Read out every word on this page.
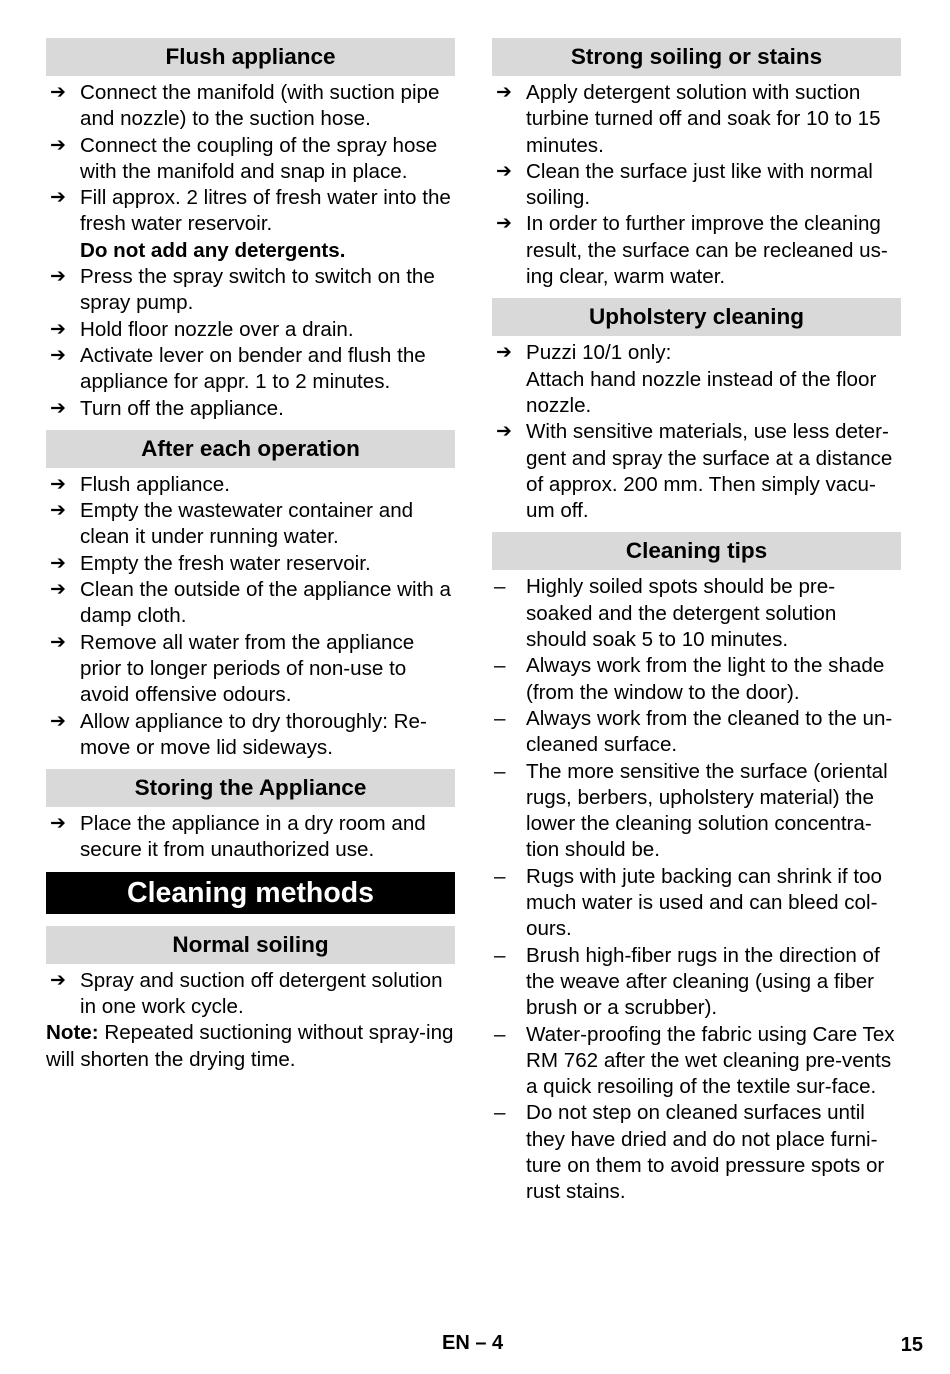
Flush appliance
➔ Connect the manifold (with suction pipe and nozzle) to the suction hose.
➔ Connect the coupling of the spray hose with the manifold and snap in place.
➔ Fill approx. 2 litres of fresh water into the fresh water reservoir.
Do not add any detergents.
➔ Press the spray switch to switch on the spray pump.
➔ Hold floor nozzle over a drain.
➔ Activate lever on bender and flush the appliance for appr. 1 to 2 minutes.
➔ Turn off the appliance.
After each operation
➔ Flush appliance.
➔ Empty the wastewater container and clean it under running water.
➔ Empty the fresh water reservoir.
➔ Clean the outside of the appliance with a damp cloth.
➔ Remove all water from the appliance prior to longer periods of non-use to avoid offensive odours.
➔ Allow appliance to dry thoroughly: Re-move or move lid sideways.
Storing the Appliance
➔ Place the appliance in a dry room and secure it from unauthorized use.
Cleaning methods
Normal soiling
➔ Spray and suction off detergent solution in one work cycle.

Note: Repeated suctioning without spray-ing will shorten the drying time.

Strong soiling or stains
➔ Apply detergent solution with suction turbine turned off and soak for 10 to 15 minutes.
➔ Clean the surface just like with normal soiling.
➔ In order to further improve the cleaning result, the surface can be recleaned us-ing clear, warm water.
Upholstery cleaning
➔ Puzzi 10/1 only:
Attach hand nozzle instead of the floor nozzle.
➔ With sensitive materials, use less deter-gent and spray the surface at a distance of approx. 200 mm. Then simply vacu-um off.
Cleaning tips
– Highly soiled spots should be pre-soaked and the detergent solution should soak 5 to 10 minutes.
– Always work from the light to the shade (from the window to the door).
– Always work from the cleaned to the un-cleaned surface.
– The more sensitive the surface (oriental rugs, berbers, upholstery material) the lower the cleaning solution concentra-tion should be.
– Rugs with jute backing can shrink if too much water is used and can bleed col-ours.
– Brush high-fiber rugs in the direction of the weave after cleaning (using a fiber brush or a scrubber).
– Water-proofing the fabric using Care Tex RM 762 after the wet cleaning pre-vents a quick resoiling of the textile sur-face.
– Do not step on cleaned surfaces until they have dried and do not place furni-ture on them to avoid pressure spots or rust stains.
EN – 4	15
